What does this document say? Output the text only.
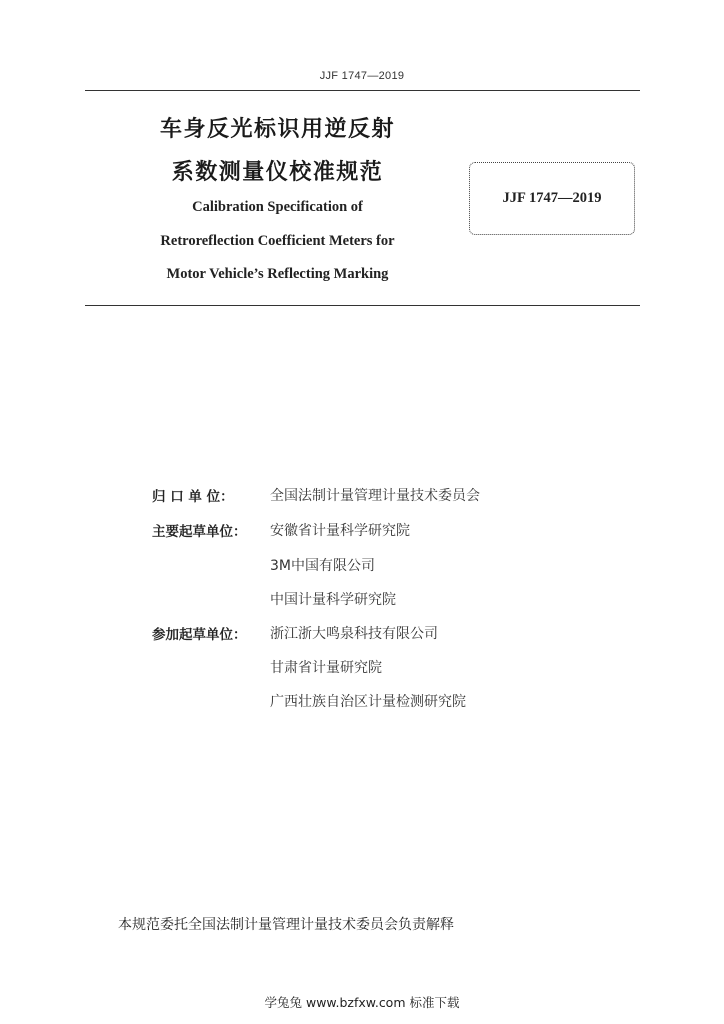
JJF 1747—2019
车身反光标识用逆反射
系数测量仪校准规范
Calibration Specification of
Retroreflection Coefficient Meters for
Motor Vehicle’s Reflecting Marking
JJF 1747—2019
归 口 单 位：	全国法制计量管理计量技术委员会
主要起草单位：	安徽省计量科学研究院
3M中国有限公司
中国计量科学研究院
参加起草单位：	浙江浙大鸣泉科技有限公司
甘肃省计量研究院
广西壮族自治区计量检测研究院
本规范委托全国法制计量管理计量技术委员会负责解释
学兔兔 www.bzfxw.com 标准下载
